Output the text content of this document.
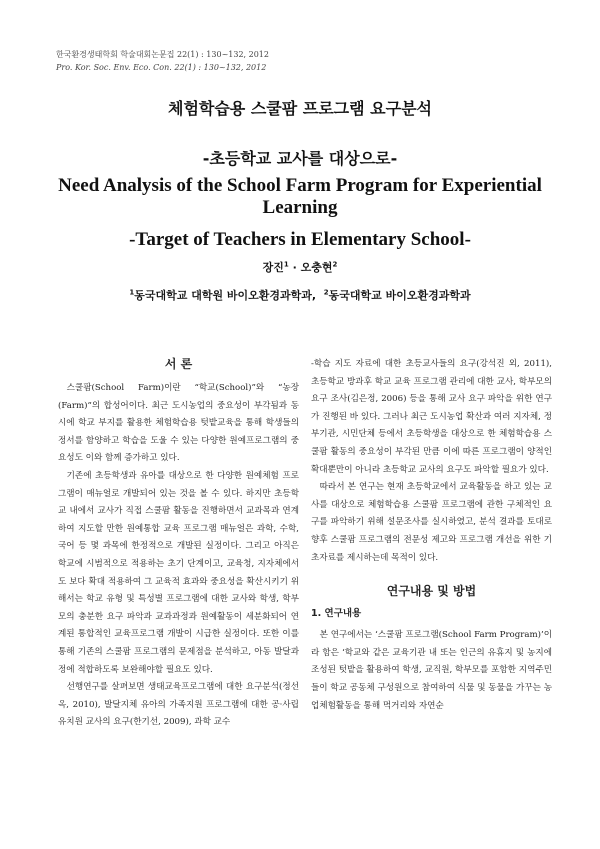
한국환경생태학회 학술대회논문집 22(1) : 130~132, 2012
Pro. Kor. Soc. Env. Eco. Con. 22(1) : 130~132, 2012
체험학습용 스쿨팜 프로그램 요구분석
-초등학교 교사를 대상으로-
Need Analysis of the School Farm Program for Experiential Learning
-Target of Teachers in Elementary School-
장진$^1$ · 오충현$^2$
$^1$동국대학교 대학원 바이오환경과학과, $^2$동국대학교 바이오환경과학과
서 론

스쿨팜(School Farm)이란 “학교(School)”와 “농장(Farm)”의 합성어이다. 최근 도시농업의 중요성이 부각됨과 동시에 학교 부지를 활용한 체험학습용 텃밭교육을 통해 학생들의 정서를 함양하고 학습을 도울 수 있는 다양한 원예프로그램의 중요성도 이와 함께 증가하고 있다.

기존에 초등학생과 유아를 대상으로 한 다양한 원예체험 프로그램이 매뉴얼로 개발되어 있는 것을 볼 수 있다. 하지만 초등학교 내에서 교사가 직접 스쿨팜 활동을 진행하면서 교과목과 연계하여 지도할 만한 원예통합 교육 프로그램 매뉴얼은 과학, 수학, 국어 등 몇 과목에 한정적으로 개발된 실정이다. 그리고 아직은 학교에 시범적으로 적용하는 초기 단계이고, 교육청, 지자체에서도 보다 확대 적용하여 그 교육적 효과와 중요성을 확산시키기 위해서는 학교 유형 및 특성별 프로그램에 대한 교사와 학생, 학부모의 충분한 요구 파악과 교과과정과 원예활동이 세분화되어 연계된 통합적인 교육프로그램 개발이 시급한 실정이다. 또한 이를 통해 기존의 스쿨팜 프로그램의 문제점을 분석하고, 아동 발달과정에 적합하도록 보완해야할 필요도 있다.

선행연구를 살펴보면 생태교육프로그램에 대한 요구분석(정선옥, 2010), 발달지체 유아의 가족지원 프로그램에 대한 공·사립 유치원 교사의 요구(한기선, 2009), 과학 교수

-학습 지도 자료에 대한 초등교사들의 요구(강석진 외, 2011), 초등학교 방과후 학교 교육 프로그램 관리에 대한 교사, 학부모의 요구 조사(김은정, 2006) 등을 통해 교사 요구 파악을 위한 연구가 진행된 바 있다. 그러나 최근 도시농업 확산과 여러 지자체, 정부기관, 시민단체 등에서 초등학생을 대상으로 한 체험학습용 스쿨팜 활동의 중요성이 부각된 만큼 이에 따른 프로그램이 양적인 확대뿐만이 아니라 초등학교 교사의 요구도 파악할 필요가 있다.

따라서 본 연구는 현재 초등학교에서 교육활동을 하고 있는 교사를 대상으로 체험학습용 스쿨팜 프로그램에 관한 구체적인 요구를 파악하기 위해 설문조사를 실시하였고, 분석 결과를 토대로 향후 스쿨팜 프로그램의 전문성 제고와 프로그램 개선을 위한 기초자료를 제시하는데 목적이 있다.

연구내용 및 방법
1. 연구내용

본 연구에서는 ‘스쿨팜 프로그램(School Farm Program)’이라 함은 ‘학교와 같은 교육기관 내 또는 인근의 유휴지 및 농지에 조성된 텃밭을 활용하여 학생, 교직원, 학부모를 포함한 지역주민들이 학교 공동체 구성원으로 참여하여 식물 및 동물을 가꾸는 농업체험활동을 통해 먹거리와 자연순
